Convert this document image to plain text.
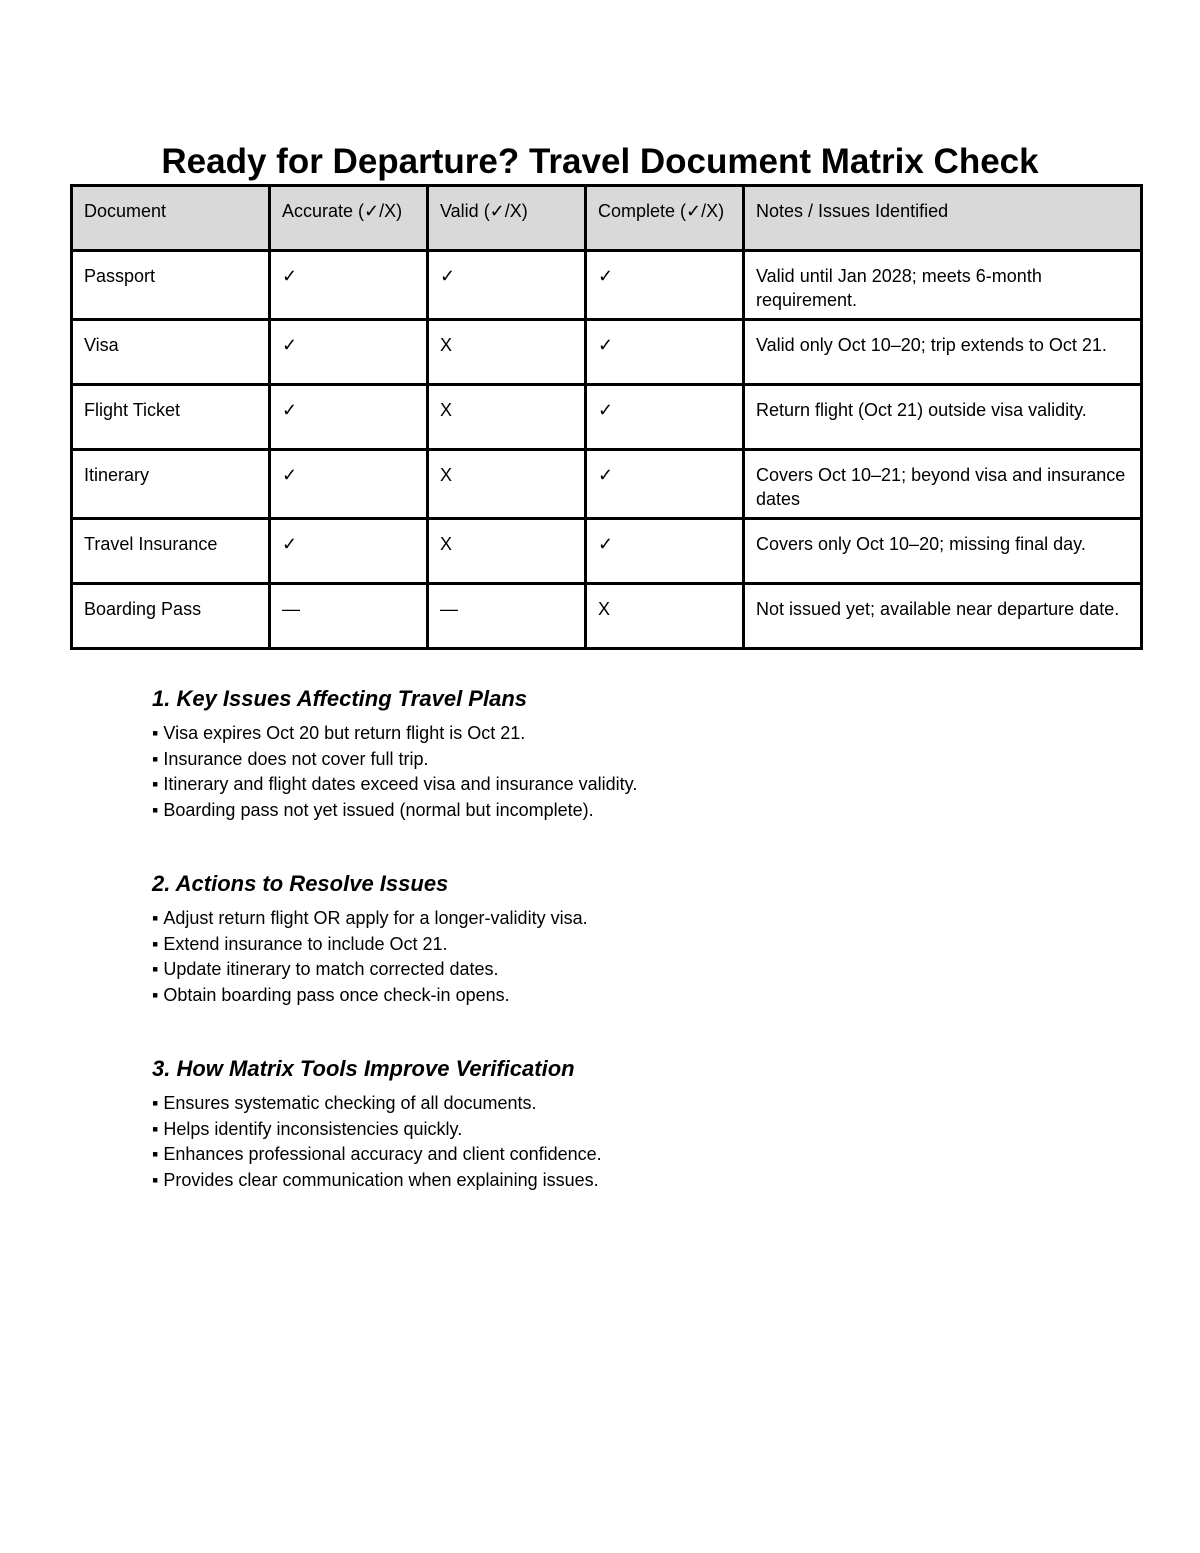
Ready for Departure? Travel Document Matrix Check
Document	Accurate (✓/X)	Valid (✓/X)	Complete (✓/X)	Notes / Issues Identified
Passport	✓	✓	✓	Valid until Jan 2028; meets 6-month requirement.
Visa	✓	X	✓	Valid only Oct 10–20; trip extends to Oct 21.
Flight Ticket	✓	X	✓	Return flight (Oct 21) outside visa validity.
Itinerary	✓	X	✓	Covers Oct 10–21; beyond visa and insurance dates
Travel Insurance	✓	X	✓	Covers only Oct 10–20; missing final day.
Boarding Pass	—	—	X	Not issued yet; available near departure date.
1. Key Issues Affecting Travel Plans
▪ Visa expires Oct 20 but return flight is Oct 21.
▪ Insurance does not cover full trip.
▪ Itinerary and flight dates exceed visa and insurance validity.
▪ Boarding pass not yet issued (normal but incomplete).
2. Actions to Resolve Issues
▪ Adjust return flight OR apply for a longer-validity visa.
▪ Extend insurance to include Oct 21.
▪ Update itinerary to match corrected dates.
▪ Obtain boarding pass once check-in opens.
3. How Matrix Tools Improve Verification
▪ Ensures systematic checking of all documents.
▪ Helps identify inconsistencies quickly.
▪ Enhances professional accuracy and client confidence.
▪ Provides clear communication when explaining issues.
